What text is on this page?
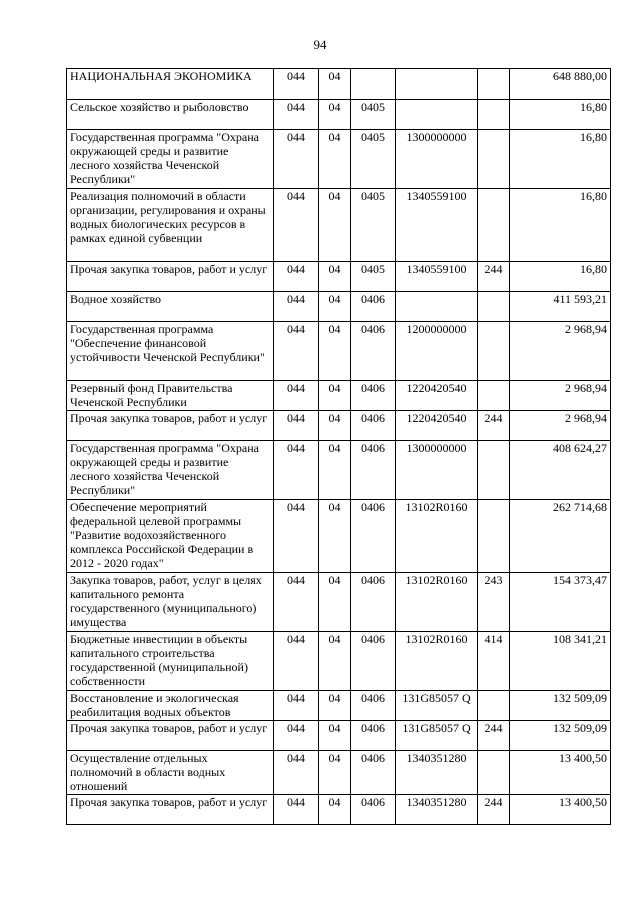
94
НАЦИОНАЛЬНАЯ ЭКОНОМИКА	044	04				648 880,00
Сельское хозяйство и рыболовство	044	04	0405			16,80
Государственная программа "Охрана окружающей среды и развитие лесного хозяйства Чеченской Республики"	044	04	0405	1300000000		16,80
Реализация полномочий в области организации, регулирования и охраны водных биологических ресурсов в рамках единой субвенции	044	04	0405	1340559100		16,80
Прочая закупка товаров, работ и услуг	044	04	0405	1340559100	244	16,80
Водное хозяйство	044	04	0406			411 593,21
Государственная программа "Обеспечение финансовой устойчивости Чеченской Республики"	044	04	0406	1200000000		2 968,94
Резервный фонд Правительства Чеченской Республики	044	04	0406	1220420540		2 968,94
Прочая закупка товаров, работ и услуг	044	04	0406	1220420540	244	2 968,94
Государственная программа "Охрана окружающей среды и развитие лесного хозяйства Чеченской Республики"	044	04	0406	1300000000		408 624,27
Обеспечение мероприятий федеральной целевой программы "Развитие водохозяйственного комплекса Российской Федерации в 2012 - 2020 годах"	044	04	0406	13102R0160		262 714,68
Закупка товаров, работ, услуг в целях капитального ремонта государственного (муниципального) имущества	044	04	0406	13102R0160	243	154 373,47
Бюджетные инвестиции в объекты капитального строительства государственной (муниципальной) собственности	044	04	0406	13102R0160	414	108 341,21
Восстановление и экологическая реабилитация водных объектов	044	04	0406	131G85057 Q		132 509,09
Прочая закупка товаров, работ и услуг	044	04	0406	131G85057 Q	244	132 509,09
Осуществление отдельных полномочий в области водных отношений	044	04	0406	1340351280		13 400,50
Прочая закупка товаров, работ и услуг	044	04	0406	1340351280	244	13 400,50
